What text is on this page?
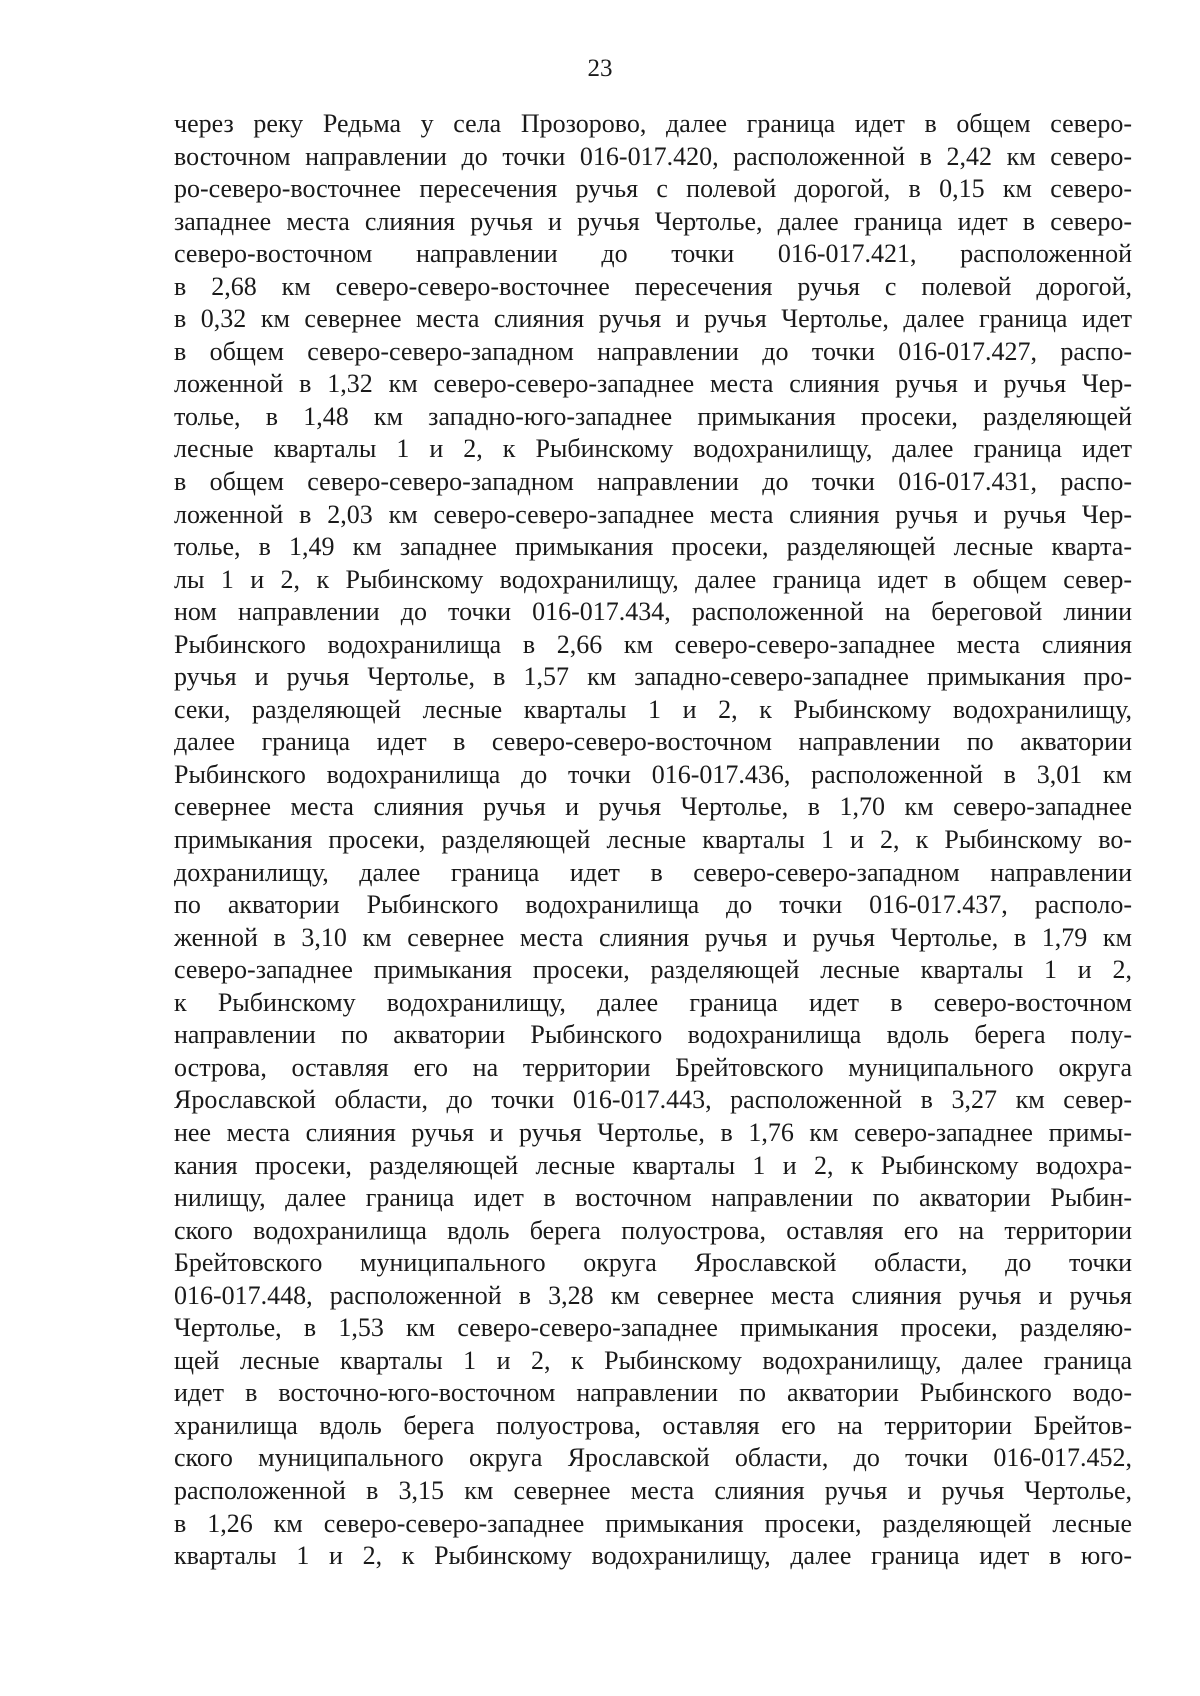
23
через реку Редьма у села Прозорово, далее граница идет в общем северо-
восточном направлении до точки 016-017.420, расположенной в 2,42 км северо-
ро-северо-восточнее пересечения ручья с полевой дорогой, в 0,15 км северо-
западнее места слияния ручья и ручья Чертолье, далее граница идет в северо-
северо-восточном направлении до точки 016-017.421, расположенной
в 2,68 км северо-северо-восточнее пересечения ручья с полевой дорогой,
в 0,32 км севернее места слияния ручья и ручья Чертолье, далее граница идет
в общем северо-северо-западном направлении до точки 016-017.427, распо-
ложенной в 1,32 км северо-северо-западнее места слияния ручья и ручья Чер-
толье, в 1,48 км западно-юго-западнее примыкания просеки, разделяющей
лесные кварталы 1 и 2, к Рыбинскому водохранилищу, далее граница идет
в общем северо-северо-западном направлении до точки 016-017.431, распо-
ложенной в 2,03 км северо-северо-западнее места слияния ручья и ручья Чер-
толье, в 1,49 км западнее примыкания просеки, разделяющей лесные кварта-
лы 1 и 2, к Рыбинскому водохранилищу, далее граница идет в общем север-
ном направлении до точки 016-017.434, расположенной на береговой линии
Рыбинского водохранилища в 2,66 км северо-северо-западнее места слияния
ручья и ручья Чертолье, в 1,57 км западно-северо-западнее примыкания про-
секи, разделяющей лесные кварталы 1 и 2, к Рыбинскому водохранилищу,
далее граница идет в северо-северо-восточном направлении по акватории
Рыбинского водохранилища до точки 016-017.436, расположенной в 3,01 км
севернее места слияния ручья и ручья Чертолье, в 1,70 км северо-западнее
примыкания просеки, разделяющей лесные кварталы 1 и 2, к Рыбинскому во-
дохранилищу, далее граница идет в северо-северо-западном направлении
по акватории Рыбинского водохранилища до точки 016-017.437, располо-
женной в 3,10 км севернее места слияния ручья и ручья Чертолье, в 1,79 км
северо-западнее примыкания просеки, разделяющей лесные кварталы 1 и 2,
к Рыбинскому водохранилищу, далее граница идет в северо-восточном
направлении по акватории Рыбинского водохранилища вдоль берега полу-
острова, оставляя его на территории Брейтовского муниципального округа
Ярославской области, до точки 016-017.443, расположенной в 3,27 км север-
нее места слияния ручья и ручья Чертолье, в 1,76 км северо-западнее примы-
кания просеки, разделяющей лесные кварталы 1 и 2, к Рыбинскому водохра-
нилищу, далее граница идет в восточном направлении по акватории Рыбин-
ского водохранилища вдоль берега полуострова, оставляя его на территории
Брейтовского муниципального округа Ярославской области, до точки
016-017.448, расположенной в 3,28 км севернее места слияния ручья и ручья
Чертолье, в 1,53 км северо-северо-западнее примыкания просеки, разделяю-
щей лесные кварталы 1 и 2, к Рыбинскому водохранилищу, далее граница
идет в восточно-юго-восточном направлении по акватории Рыбинского водо-
хранилища вдоль берега полуострова, оставляя его на территории Брейтов-
ского муниципального округа Ярославской области, до точки 016-017.452,
расположенной в 3,15 км севернее места слияния ручья и ручья Чертолье,
в 1,26 км северо-северо-западнее примыкания просеки, разделяющей лесные
кварталы 1 и 2, к Рыбинскому водохранилищу, далее граница идет в юго-
